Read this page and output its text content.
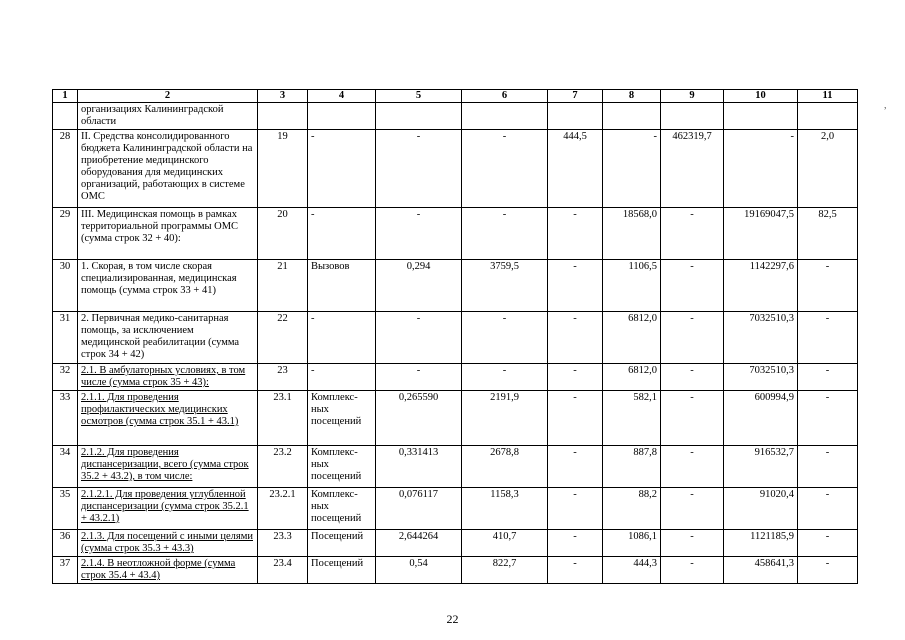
1	2	3	4	5	6	7	8	9	10	11
	организациях Калининградской области									
28	II. Средства консолидированного бюджета Калининградской области на приобретение медицинского оборудования для медицинских организаций, работающих в системе ОМС	19	-	-	-	444,5	-	462319,7	-	2,0
29	III. Медицинская помощь в рамках территориальной программы ОМС (сумма строк 32 + 40):	20	-	-	-	-	18568,0	-	19169047,5	82,5
30	1. Скорая, в том числе скорая специализированная, медицинская помощь (сумма строк 33 + 41)	21	Вызовов	0,294	3759,5	-	1106,5	-	1142297,6	-
31	2. Первичная медико-санитарная помощь, за исключением медицинской реабилитации (сумма строк 34 + 42)	22	-	-	-	-	6812,0	-	7032510,3	-
32	2.1. В амбулаторных условиях, в том числе (сумма строк 35 + 43):	23	-	-	-	-	6812,0	-	7032510,3	-
33	2.1.1. Для проведения профилактических медицинских осмотров (сумма строк 35.1 + 43.1)	23.1	Комплекс-ных посещений	0,265590	2191,9	-	582,1	-	600994,9	-
34	2.1.2. Для проведения диспансеризации, всего (сумма строк 35.2 + 43.2), в том числе:	23.2	Комплекс-ных посещений	0,331413	2678,8	-	887,8	-	916532,7	-
35	2.1.2.1. Для проведения углубленной диспансеризации (сумма строк 35.2.1 + 43.2.1)	23.2.1	Комплекс-ных посещений	0,076117	1158,3	-	88,2	-	91020,4	-
36	2.1.3. Для посещений с иными целями (сумма строк 35.3 + 43.3)	23.3	Посещений	2,644264	410,7	-	1086,1	-	1121185,9	-
37	2.1.4. В неотложной форме (сумма строк 35.4 + 43.4)	23.4	Посещений	0,54	822,7	-	444,3	-	458641,3	-
22
,
